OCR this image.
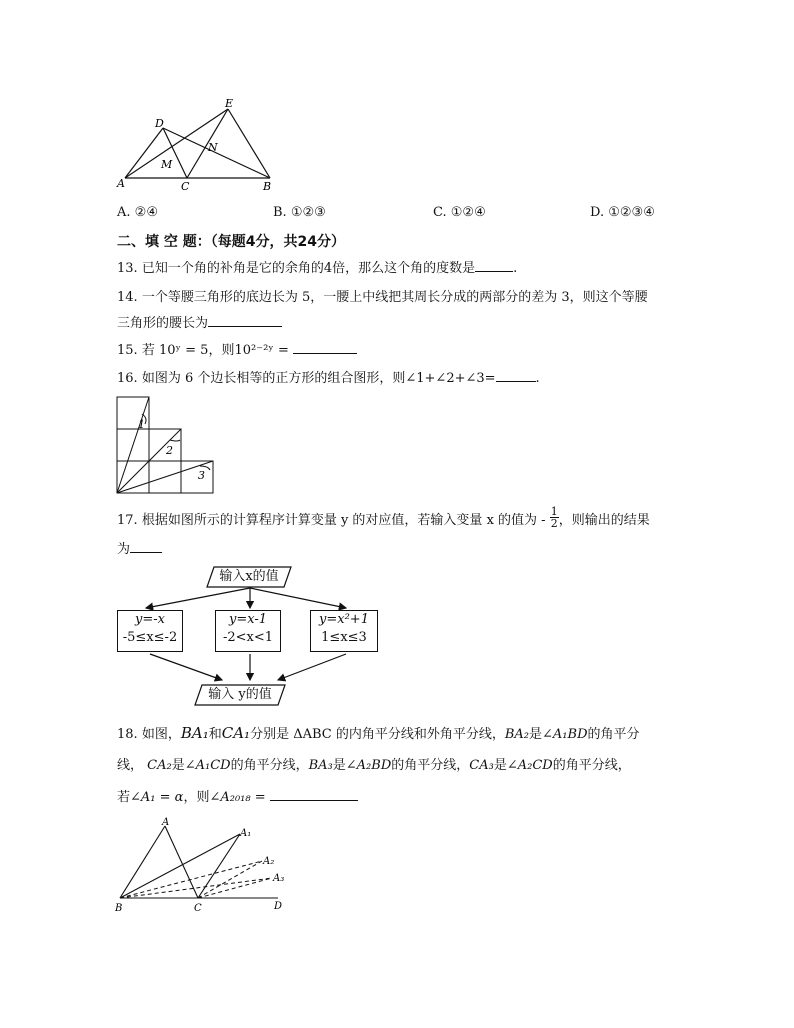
E
D
N
M
A	C	B
A. ②④	B. ①②③	C. ①②④	D. ①②③④
二、填 空 题：（每题4分，共24分）
13. 已知一个角的补角是它的余角的4倍，那么这个角的度数是	.
14. 一个等腰三角形的底边长为 5，一腰上中线把其周长分成的两部分的差为 3，则这个等腰
三角形的腰长为
15. 若 10ʸ = 5，则10²⁻²ʸ =
16. 如图为 6 个边长相等的正方形的组合图形，则∠1+∠2+∠3=	.
1
2
3
17. 根据如图所示的计算程序计算变量 y 的对应值，若输入变量 x 的值为 - $\frac{1}{2}$ ，则输出的结果
为
输入x的值
y=-x
-5≤x≤-2
y=x-1
-2<x<1
y=x²+1
1≤x≤3
输入 y的值
18. 如图，BA₁和CA₁分别是 ΔABC 的内角平分线和外角平分线，BA₂是∠A₁BD的角平分
线， CA₂是∠A₁CD的角平分线，BA₃是∠A₂BD的角平分线，CA₃是∠A₂CD的角平分线，
若∠A₁ = α，则∠A₂₀₁₈ =
A
A₁
A₂
A₃
B	C	D
